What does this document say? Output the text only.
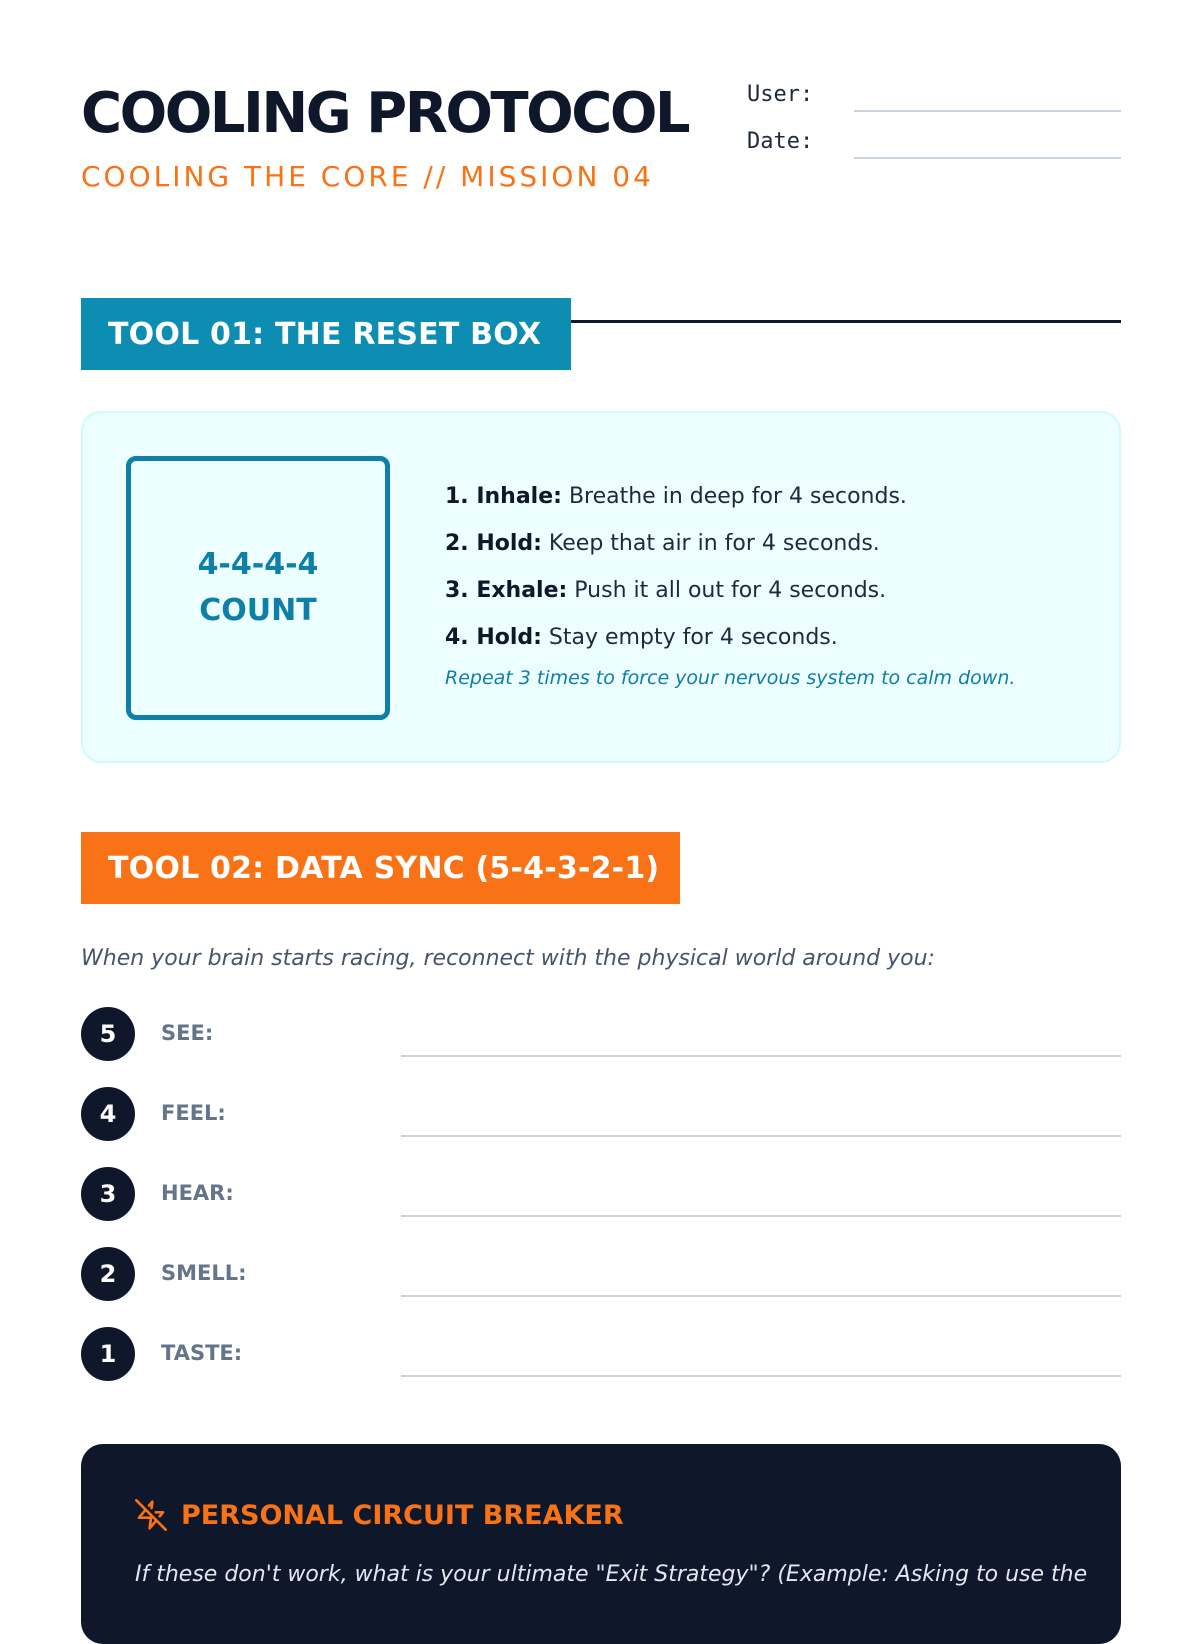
COOLING PROTOCOL
COOLING THE CORE // MISSION 04
User:
Date:
TOOL 01: THE RESET BOX
4-4-4-4
COUNT
1. Inhale: Breathe in deep for 4 seconds.
2. Hold: Keep that air in for 4 seconds.
3. Exhale: Push it all out for 4 seconds.
4. Hold: Stay empty for 4 seconds.
Repeat 3 times to force your nervous system to calm down.
TOOL 02: DATA SYNC (5-4-3-2-1)
When your brain starts racing, reconnect with the physical world around you:
5	SEE:
4	FEEL:
3	HEAR:
2	SMELL:
1	TASTE:
PERSONAL CIRCUIT BREAKER
If these don't work, what is your ultimate "Exit Strategy"? (Example: Asking to use the
